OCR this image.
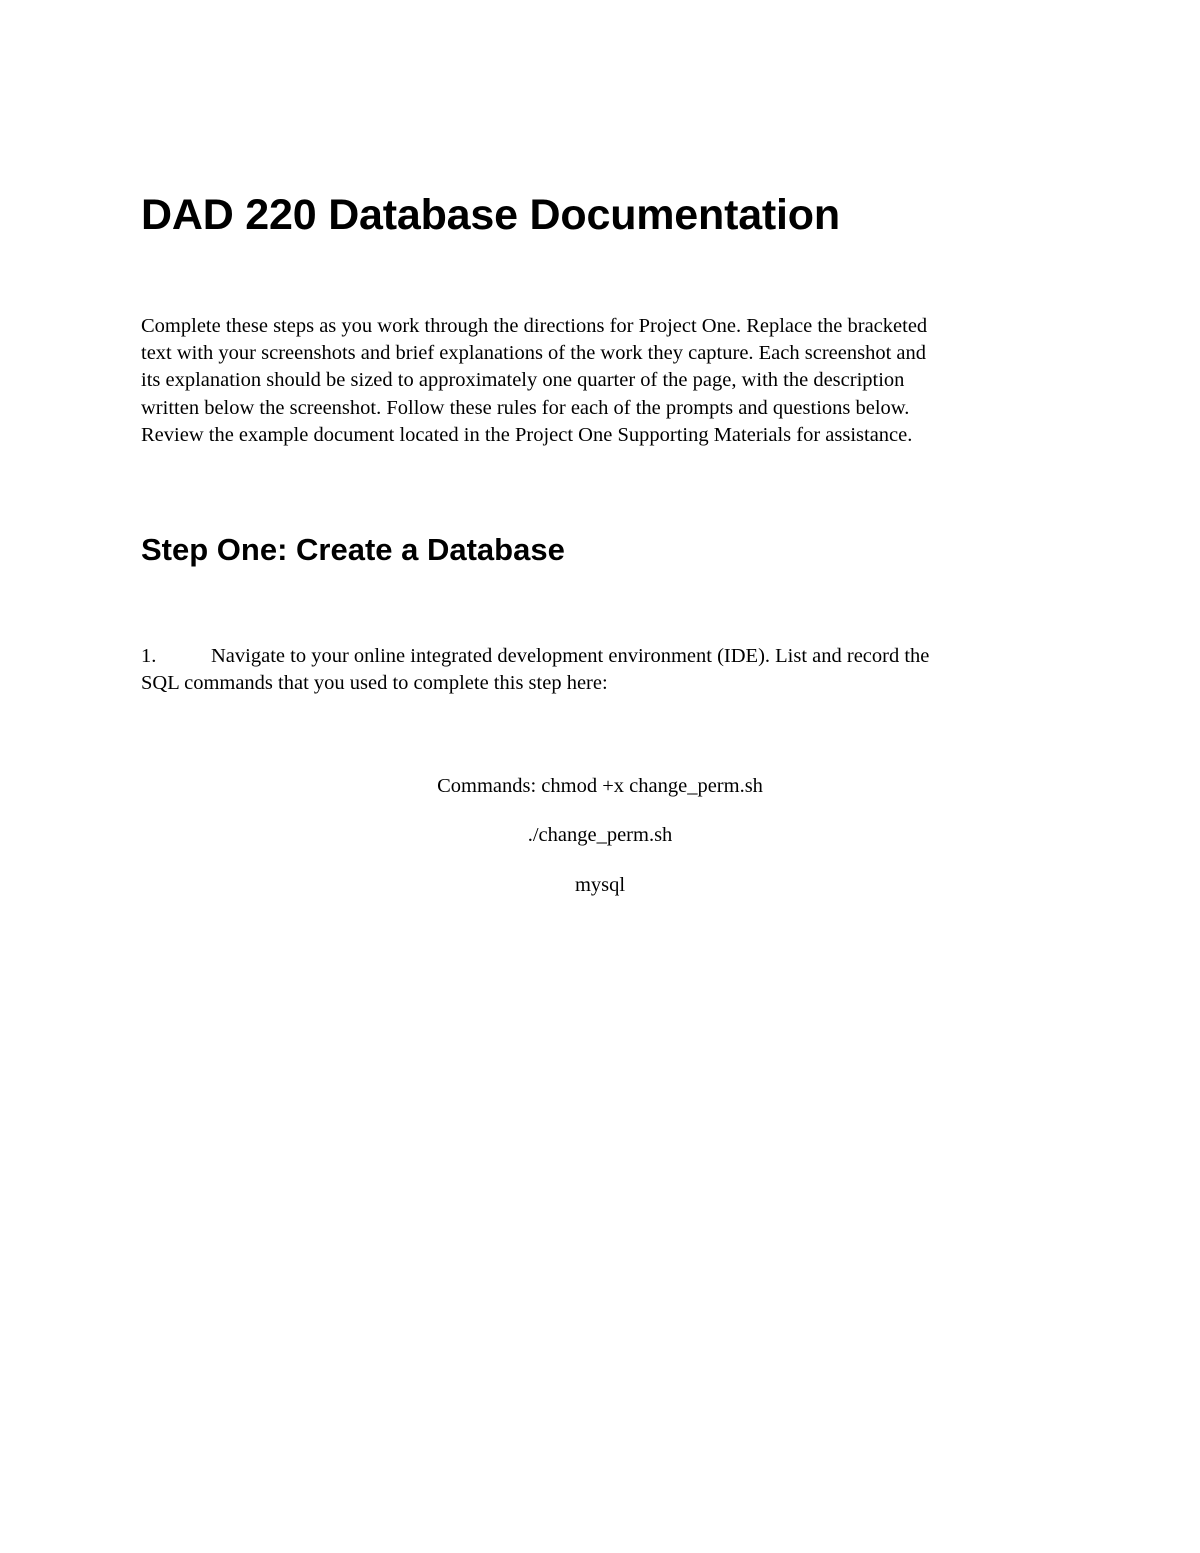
DAD 220 Database Documentation

Complete these steps as you work through the directions for Project One. Replace the bracketed
text with your screenshots and brief explanations of the work they capture. Each screenshot and
its explanation should be sized to approximately one quarter of the page, with the description
written below the screenshot. Follow these rules for each of the prompts and questions below.
Review the example document located in the Project One Supporting Materials for assistance.

Step One: Create a Database

1.	Navigate to your online integrated development environment (IDE). List and record the
SQL commands that you used to complete this step here:

Commands: chmod +x change_perm.sh

./change_perm.sh

mysql
